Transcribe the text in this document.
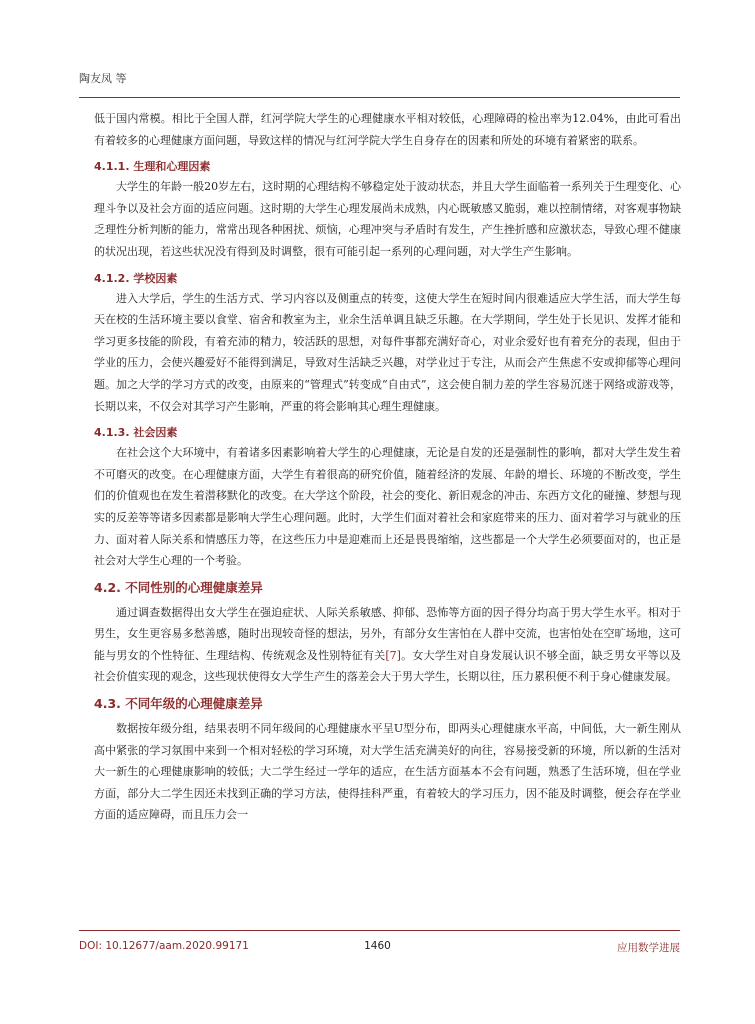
陶友凤 等

低于国内常模。相比于全国人群，红河学院大学生的心理健康水平相对较低，心理障碍的检出率为12.04%，由此可看出有着较多的心理健康方面问题，导致这样的情况与红河学院大学生自身存在的因素和所处的环境有着紧密的联系。

4.1.1. 生理和心理因素

大学生的年龄一般20岁左右，这时期的心理结构不够稳定处于波动状态，并且大学生面临着一系列关于生理变化、心理斗争以及社会方面的适应问题。这时期的大学生心理发展尚未成熟，内心既敏感又脆弱，难以控制情绪，对客观事物缺乏理性分析判断的能力，常常出现各种困扰、烦恼，心理冲突与矛盾时有发生，产生挫折感和应激状态，导致心理不健康的状况出现，若这些状况没有得到及时调整，很有可能引起一系列的心理问题，对大学生产生影响。

4.1.2. 学校因素

进入大学后，学生的生活方式、学习内容以及侧重点的转变，这使大学生在短时间内很难适应大学生活，而大学生每天在校的生活环境主要以食堂、宿舍和教室为主，业余生活单调且缺乏乐趣。在大学期间，学生处于长见识、发挥才能和学习更多技能的阶段，有着充沛的精力，较活跃的思想，对每件事都充满好奇心，对业余爱好也有着充分的表现，但由于学业的压力，会使兴趣爱好不能得到满足，导致对生活缺乏兴趣，对学业过于专注，从而会产生焦虑不安或抑郁等心理问题。加之大学的学习方式的改变，由原来的“管理式”转变成“自由式”，这会使自制力差的学生容易沉迷于网络或游戏等，长期以来，不仅会对其学习产生影响，严重的将会影响其心理生理健康。

4.1.3. 社会因素

在社会这个大环境中，有着诸多因素影响着大学生的心理健康，无论是自发的还是强制性的影响，都对大学生发生着不可磨灭的改变。在心理健康方面，大学生有着很高的研究价值，随着经济的发展、年龄的增长、环境的不断改变，学生们的价值观也在发生着潜移默化的改变。在大学这个阶段，社会的变化、新旧观念的冲击、东西方文化的碰撞、梦想与现实的反差等等诸多因素都是影响大学生心理问题。此时，大学生们面对着社会和家庭带来的压力、面对着学习与就业的压力、面对着人际关系和情感压力等，在这些压力中是迎难而上还是畏畏缩缩，这些都是一个大学生必须要面对的，也正是社会对大学生心理的一个考验。

4.2. 不同性别的心理健康差异

通过调查数据得出女大学生在强迫症状、人际关系敏感、抑郁、恐怖等方面的因子得分均高于男大学生水平。相对于男生，女生更容易多愁善感，随时出现较奇怪的想法，另外，有部分女生害怕在人群中交流，也害怕处在空旷场地，这可能与男女的个性特征、生理结构、传统观念及性别特征有关[7]。女大学生对自身发展认识不够全面，缺乏男女平等以及社会价值实现的观念，这些现状使得女大学生产生的落差会大于男大学生，长期以往，压力累积便不利于身心健康发展。

4.3. 不同年级的心理健康差异

数据按年级分组，结果表明不同年级间的心理健康水平呈U型分布，即两头心理健康水平高，中间低，大一新生刚从高中紧张的学习氛围中来到一个相对轻松的学习环境，对大学生活充满美好的向往，容易接受新的环境，所以新的生活对大一新生的心理健康影响的较低；大二学生经过一学年的适应，在生活方面基本不会有问题，熟悉了生活环境，但在学业方面，部分大二学生因还未找到正确的学习方法，使得挂科严重，有着较大的学习压力，因不能及时调整，便会存在学业方面的适应障碍，而且压力会一

DOI: 10.12677/aam.2020.99171	1460	应用数学进展
